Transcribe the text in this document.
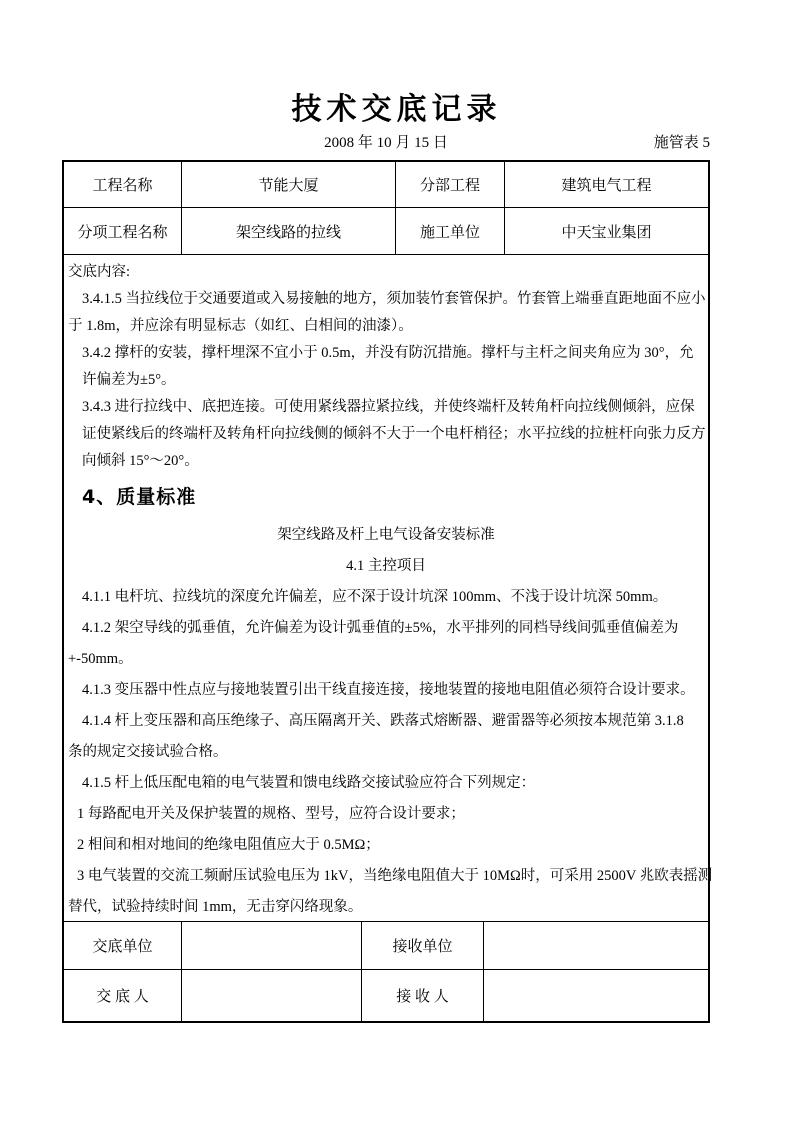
技术交底记录
2008 年 10 月 15 日	施管表 5
工程名称	节能大厦	分部工程	建筑电气工程
分项工程名称	架空线路的拉线	施工单位	中天宝业集团
交底内容:
3.4.1.5 当拉线位于交通要道或入易接触的地方，须加装竹套管保护。竹套管上端垂直距地面不应小
于 1.8m，并应涂有明显标志（如红、白相间的油漆）。
3.4.2 撑杆的安装，撑杆埋深不宜小于 0.5m，并没有防沉措施。撑杆与主杆之间夹角应为 30°，允
许偏差为±5°。
3.4.3 进行拉线中、底把连接。可使用紧线器拉紧拉线，并使终端杆及转角杆向拉线侧倾斜，应保
证使紧线后的终端杆及转角杆向拉线侧的倾斜不大于一个电杆梢径；水平拉线的拉桩杆向张力反方
向倾斜 15°～20°。
4、质量标准
架空线路及杆上电气设备安装标准
4.1 主控项目
4.1.1 电杆坑、拉线坑的深度允许偏差，应不深于设计坑深 100mm、不浅于设计坑深 50mm。
4.1.2 架空导线的弧垂值，允许偏差为设计弧垂值的±5%，水平排列的同档导线间弧垂值偏差为
+-50mm。
4.1.3 变压器中性点应与接地装置引出干线直接连接，接地装置的接地电阻值必须符合设计要求。
4.1.4 杆上变压器和高压绝缘子、高压隔离开关、跌落式熔断器、避雷器等必须按本规范第 3.1.8
条的规定交接试验合格。
4.1.5 杆上低压配电箱的电气装置和馈电线路交接试验应符合下列规定：
1 每路配电开关及保护装置的规格、型号，应符合设计要求；
2 相间和相对地间的绝缘电阻值应大于 0.5MΩ；
3 电气装置的交流工频耐压试验电压为 1kV，当绝缘电阻值大于 10MΩ时，可采用 2500V 兆欧表摇测
替代，试验持续时间 1mm，无击穿闪络现象。
交底单位	接收单位
交 底 人	接 收 人
